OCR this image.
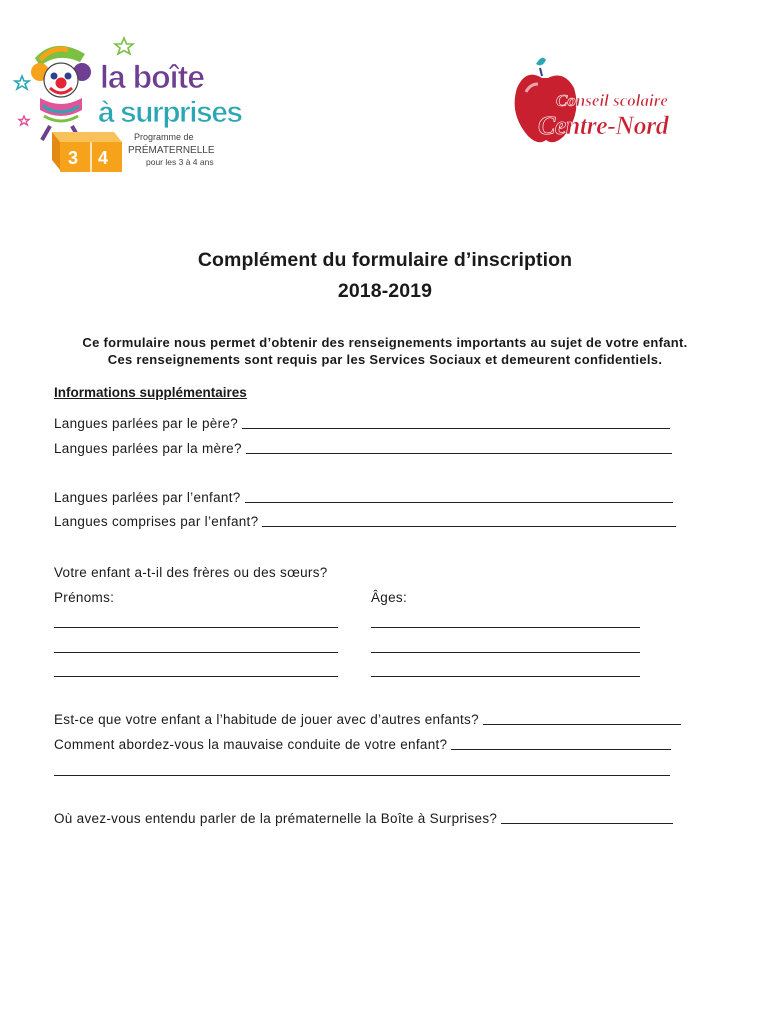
3 4
la boîte
à surprises
Programme de
PRÉMATERNELLE
pour les 3 à 4 ans
Conseil scolaire
Centre-Nord
Complément du formulaire d’inscription
2018-2019
Ce formulaire nous permet d’obtenir des renseignements importants au sujet de votre enfant.
Ces renseignements sont requis par les Services Sociaux et demeurent confidentiels.
Informations supplémentaires
Langues parlées par le père?
Langues parlées par la mère?
Langues parlées par l’enfant?
Langues comprises par l’enfant?
Votre enfant a-t-il des frères ou des sœurs?
Prénoms:	Âges:
Est-ce que votre enfant a l’habitude de jouer avec d’autres enfants?
Comment abordez-vous la mauvaise conduite de votre enfant?
Où avez-vous entendu parler de la prématernelle la Boîte à Surprises?
